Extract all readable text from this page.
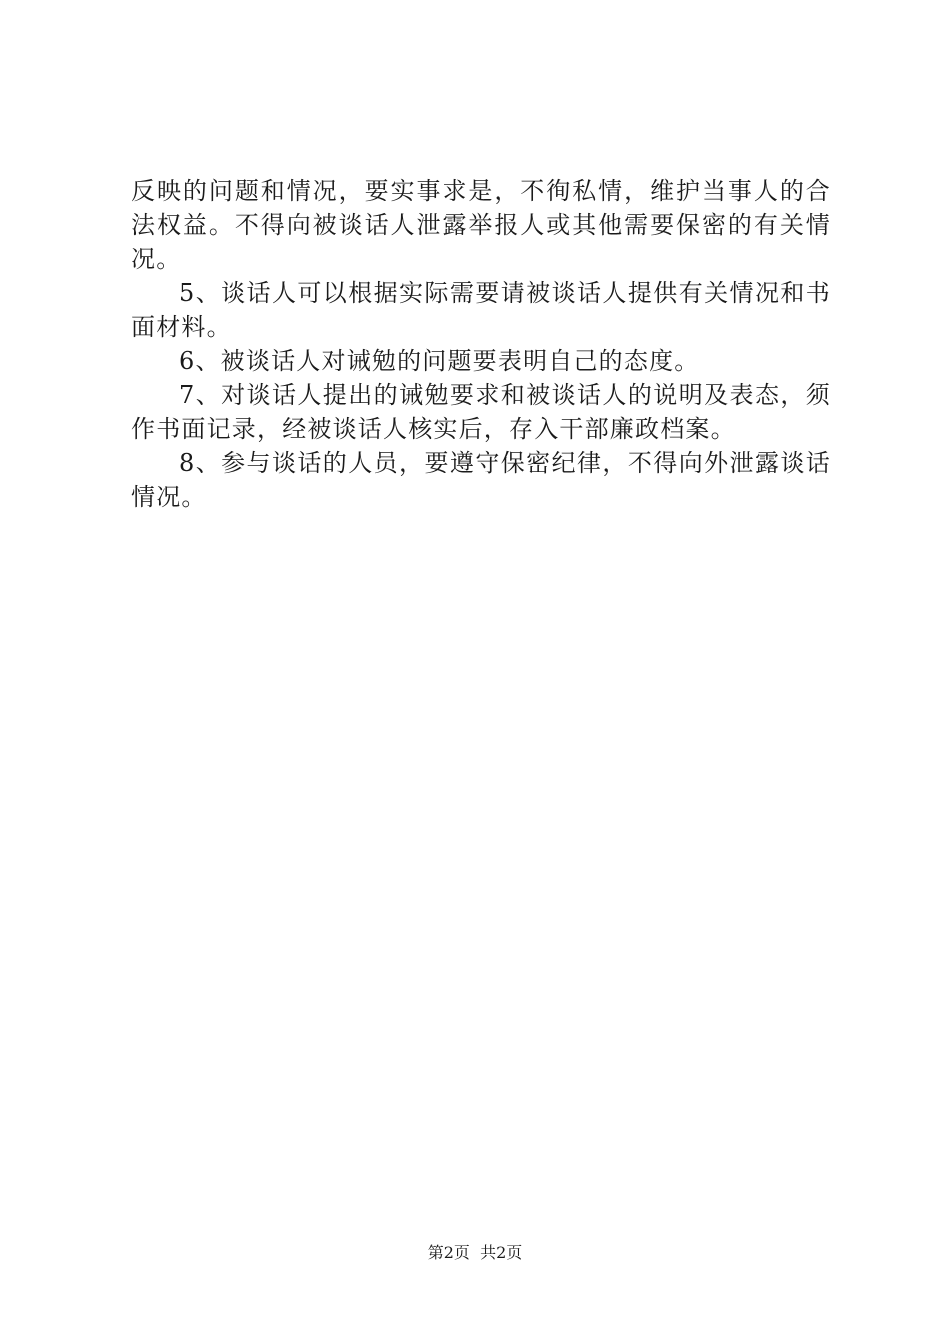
反映的问题和情况，要实事求是，不徇私情，维护当事人的合法权益。不得向被谈话人泄露举报人或其他需要保密的有关情况。

5、谈话人可以根据实际需要请被谈话人提供有关情况和书面材料。

6、被谈话人对诫勉的问题要表明自己的态度。

7、对谈话人提出的诫勉要求和被谈话人的说明及表态，须作书面记录，经被谈话人核实后，存入干部廉政档案。

8、参与谈话的人员，要遵守保密纪律，不得向外泄露谈话情况。

第2页  共2页
